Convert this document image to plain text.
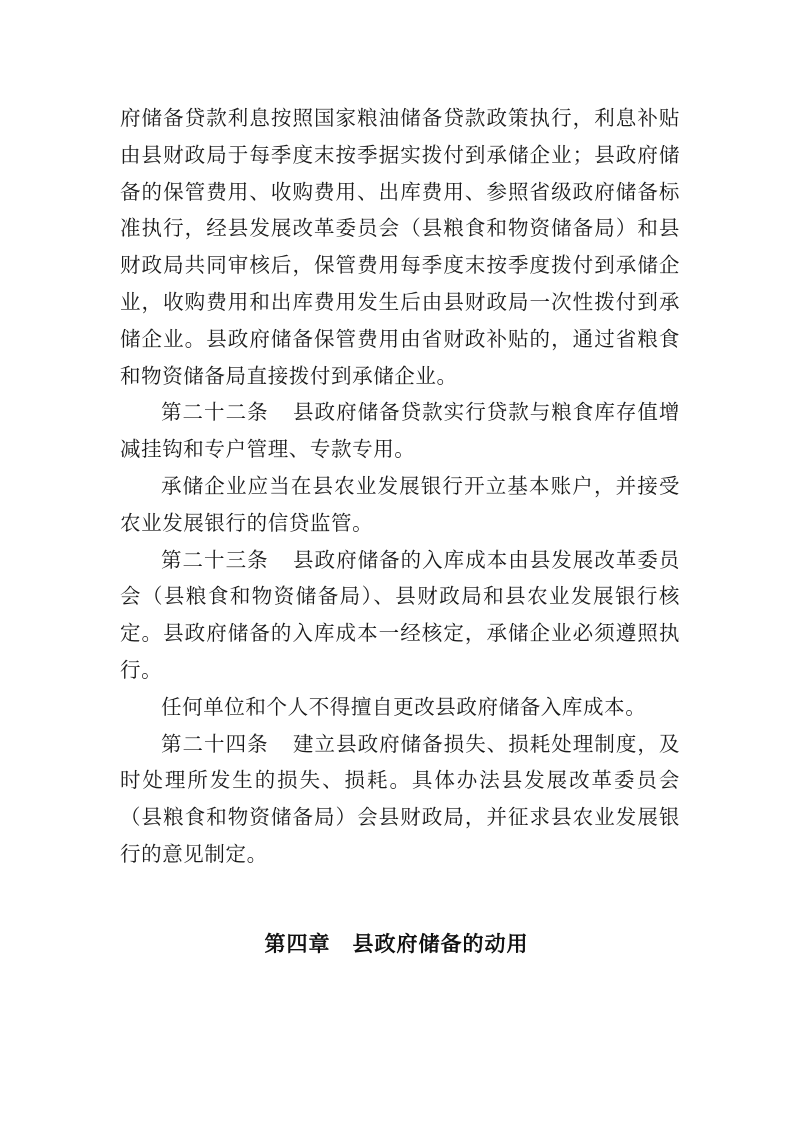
府储备贷款利息按照国家粮油储备贷款政策执行，利息补贴由县财政局于每季度末按季据实拨付到承储企业；县政府储备的保管费用、收购费用、出库费用、参照省级政府储备标准执行，经县发展改革委员会（县粮食和物资储备局）和县财政局共同审核后，保管费用每季度末按季度拨付到承储企业，收购费用和出库费用发生后由县财政局一次性拨付到承储企业。县政府储备保管费用由省财政补贴的，通过省粮食和物资储备局直接拨付到承储企业。

第二十二条 县政府储备贷款实行贷款与粮食库存值增减挂钩和专户管理、专款专用。

承储企业应当在县农业发展银行开立基本账户，并接受农业发展银行的信贷监管。

第二十三条 县政府储备的入库成本由县发展改革委员会（县粮食和物资储备局）、县财政局和县农业发展银行核定。县政府储备的入库成本一经核定，承储企业必须遵照执行。

任何单位和个人不得擅自更改县政府储备入库成本。

第二十四条 建立县政府储备损失、损耗处理制度，及时处理所发生的损失、损耗。具体办法县发展改革委员会（县粮食和物资储备局）会县财政局，并征求县农业发展银行的意见制定。

第四章 县政府储备的动用
